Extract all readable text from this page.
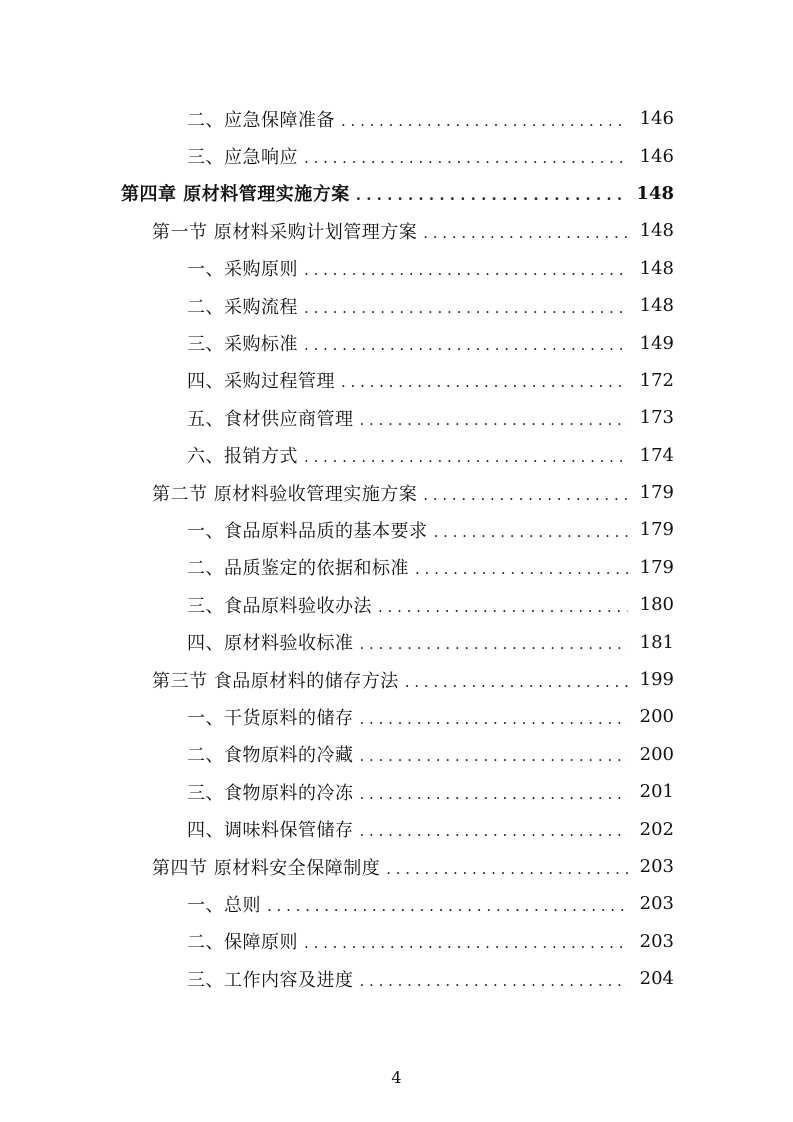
二、应急保障准备 . . .	146
三、应急响应 . . .	146
第四章 原材料管理实施方案 . . .	148
第一节 原材料采购计划管理方案 . . .	148
一、采购原则 . . .	148
二、采购流程 . . .	148
三、采购标准 . . .	149
四、采购过程管理 . . .	172
五、食材供应商管理 . . .	173
六、报销方式 . . .	174
第二节 原材料验收管理实施方案 . . .	179
一、食品原料品质的基本要求 . . .	179
二、品质鉴定的依据和标准 . . .	179
三、食品原料验收办法 . . .	180
四、原材料验收标准 . . .	181
第三节 食品原材料的储存方法 . . .	199
一、干货原料的储存 . . .	200
二、食物原料的冷藏 . . .	200
三、食物原料的冷冻 . . .	201
四、调味料保管储存 . . .	202
第四节 原材料安全保障制度 . . .	203
一、总则 . . .	203
二、保障原则 . . .	203
三、工作内容及进度 . . .	204
4
